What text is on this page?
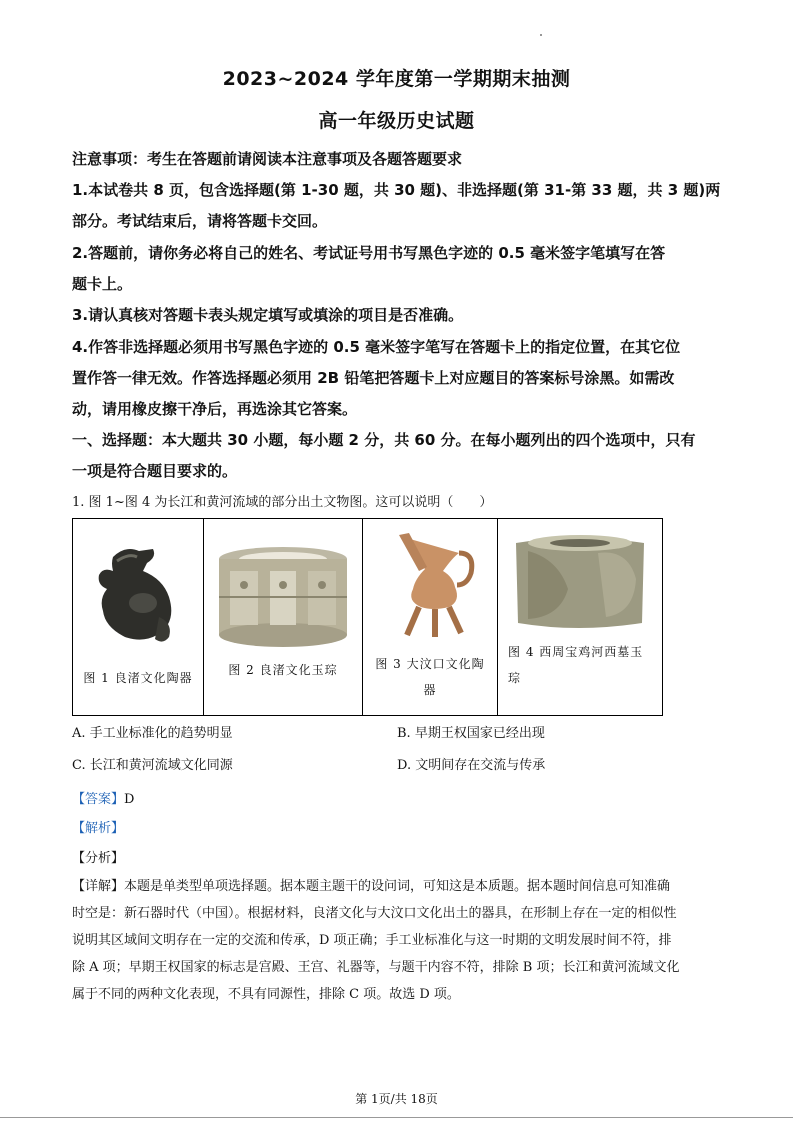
2023~2024 学年度第一学期期末抽测
高一年级历史试题
注意事项：考生在答题前请阅读本注意事项及各题答题要求
1.本试卷共 8 页，包含选择题(第 1-30 题，共 30 题)、非选择题(第 31-第 33 题，共 3 题)两
部分。考试结束后，请将答题卡交回。
2.答题前，请你务必将自己的姓名、考试证号用书写黑色字迹的 0.5 毫米签字笔填写在答
题卡上。
3.请认真核对答题卡表头规定填写或填涂的项目是否准确。
4.作答非选择题必须用书写黑色字迹的 0.5 毫米签字笔写在答题卡上的指定位置，在其它位
置作答一律无效。作答选择题必须用 2B 铅笔把答题卡上对应题目的答案标号涂黑。如需改
动，请用橡皮擦干净后，再选涂其它答案。
一、选择题：本大题共 30 小题，每小题 2 分，共 60 分。在每小题列出的四个选项中，只有
一项是符合题目要求的。
1. 图 1~图 4 为长江和黄河流域的部分出土文物图。这可以说明（　　）
图 1 良渚文化陶器

图 2 良渚文化玉琮	图 3 大汶口文化陶
器

图 4 西周宝鸡河西墓玉
琮
A. 手工业标准化的趋势明显	B. 早期王权国家已经出现
C. 长江和黄河流域文化同源	D. 文明间存在交流与传承
【答案】D
【解析】
【分析】
【详解】本题是单类型单项选择题。据本题主题干的设问词，可知这是本质题。据本题时间信息可知准确
时空是：新石器时代（中国）。根据材料，良渚文化与大汶口文化出土的器具，在形制上存在一定的相似性
说明其区域间文明存在一定的交流和传承，D 项正确；手工业标准化与这一时期的文明发展时间不符，排
除 A 项；早期王权国家的标志是宫殿、王宫、礼器等，与题干内容不符，排除 B 项；长江和黄河流域文化
属于不同的两种文化表现，不具有同源性，排除 C 项。故选 D 项。
第 1页/共 18页
